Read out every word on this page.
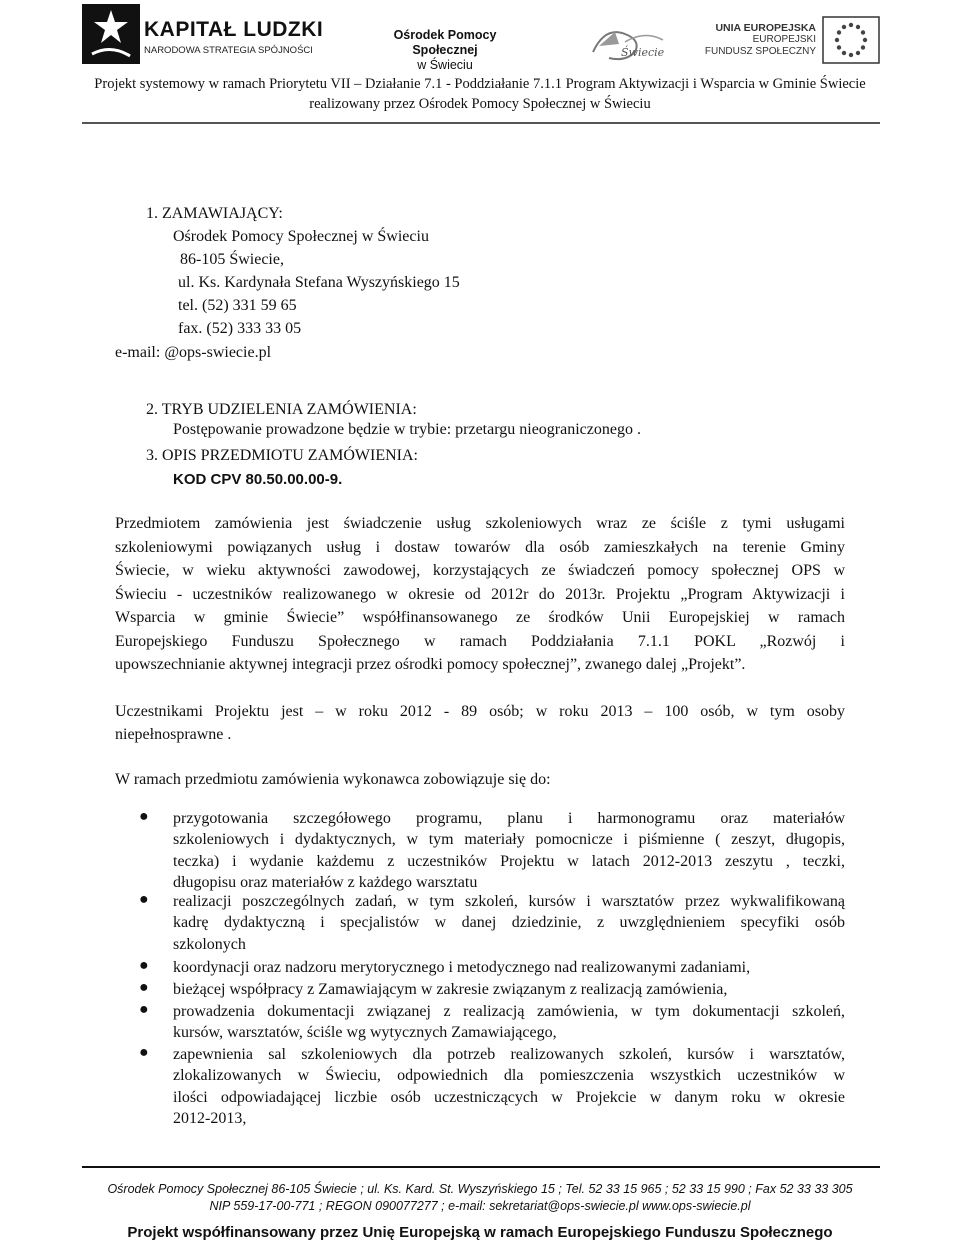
KAPITAŁ LUDZKI
NARODOWA STRATEGIA SPÓJNOŚCI
Ośrodek Pomocy Społecznej
w Świeciu
Świecie
UNIA EUROPEJSKA
EUROPEJSKI
FUNDUSZ SPOŁECZNY
Projekt systemowy w ramach Priorytetu VII – Działanie 7.1 - Poddziałanie 7.1.1 Program Aktywizacji i Wsparcia w Gminie Świecie
realizowany przez Ośrodek Pomocy Społecznej w Świeciu
1. ZAMAWIAJĄCY:
Ośrodek Pomocy Społecznej w Świeciu
86-105 Świecie,
ul. Ks. Kardynała Stefana Wyszyńskiego 15
tel. (52) 331 59 65
fax. (52) 333 33 05
e-mail: @ops-swiecie.pl
2. TRYB UDZIELENIA ZAMÓWIENIA:
Postępowanie prowadzone będzie w trybie: przetargu nieograniczonego .
3. OPIS PRZEDMIOTU ZAMÓWIENIA:
KOD CPV 80.50.00.00-9.
Przedmiotem zamówienia jest świadczenie usług szkoleniowych wraz ze ściśle z tymi usługami
szkoleniowymi powiązanych usług i dostaw towarów dla osób zamieszkałych na terenie Gminy
Świecie, w wieku aktywności zawodowej, korzystających ze świadczeń pomocy społecznej OPS w
Świeciu - uczestników realizowanego w okresie od 2012r do 2013r. Projektu „Program Aktywizacji i
Wsparcia w gminie Świecie” współfinansowanego ze środków Unii Europejskiej w ramach
Europejskiego Funduszu Społecznego w ramach Poddziałania 7.1.1 POKL „Rozwój i
upowszechnianie aktywnej integracji przez ośrodki pomocy społecznej”, zwanego dalej „Projekt”.
Uczestnikami Projektu jest – w roku 2012 - 89 osób; w roku 2013 – 100 osób, w tym osoby
niepełnosprawne .
W ramach przedmiotu zamówienia wykonawca zobowiązuje się do:
● przygotowania szczegółowego programu, planu i harmonogramu oraz materiałów
szkoleniowych i dydaktycznych, w tym materiały pomocnicze i piśmienne ( zeszyt, długopis,
teczka) i wydanie każdemu z uczestników Projektu w latach 2012-2013 zeszytu , teczki,
długopisu oraz materiałów z każdego warsztatu
● realizacji poszczególnych zadań, w tym szkoleń, kursów i warsztatów przez wykwalifikowaną
kadrę dydaktyczną i specjalistów w danej dziedzinie, z uwzględnieniem specyfiki osób
szkolonych
● koordynacji oraz nadzoru merytorycznego i metodycznego nad realizowanymi zadaniami,
● bieżącej współpracy z Zamawiającym w zakresie związanym z realizacją zamówienia,
● prowadzenia dokumentacji związanej z realizacją zamówienia, w tym dokumentacji szkoleń,
kursów, warsztatów, ściśle wg wytycznych Zamawiającego,
● zapewnienia sal szkoleniowych dla potrzeb realizowanych szkoleń, kursów i warsztatów,
zlokalizowanych w Świeciu, odpowiednich dla pomieszczenia wszystkich uczestników w
ilości odpowiadającej liczbie osób uczestniczących w Projekcie w danym roku w okresie
2012-2013,
Ośrodek Pomocy Społecznej 86-105 Świecie ; ul. Ks. Kard. St. Wyszyńskiego 15 ; Tel. 52 33 15 965 ; 52 33 15 990 ; Fax 52 33 33 305
NIP 559-17-00-771 ; REGON 090077277 ; e-mail: sekretariat@ops-swiecie.pl www.ops-swiecie.pl
Projekt współfinansowany przez Unię Europejską w ramach Europejskiego Funduszu Społecznego
